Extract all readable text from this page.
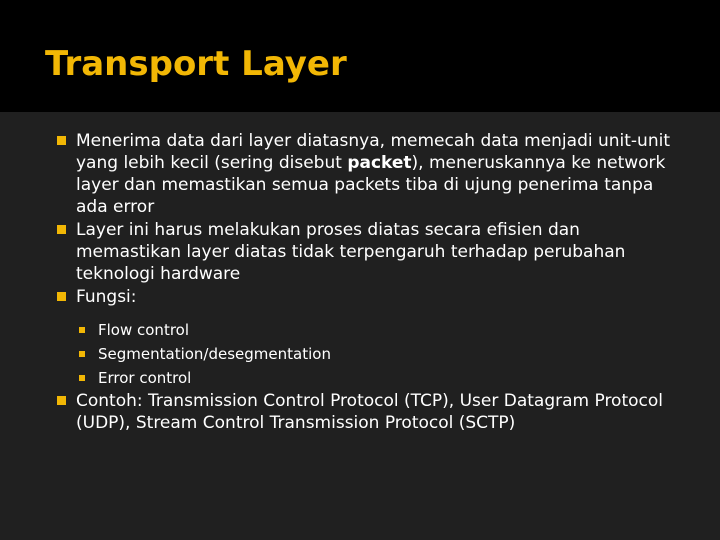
Transport Layer
Menerima data dari layer diatasnya, memecah data menjadi unit-unit yang lebih kecil (sering disebut packet), meneruskannya ke network layer dan memastikan semua packets tiba di ujung penerima tanpa ada error
Layer ini harus melakukan proses diatas secara efisien dan memastikan layer diatas tidak terpengaruh terhadap perubahan teknologi hardware
Fungsi:
Flow control
Segmentation/desegmentation
Error control
Contoh: Transmission Control Protocol (TCP), User Datagram Protocol (UDP), Stream Control Transmission Protocol (SCTP)
